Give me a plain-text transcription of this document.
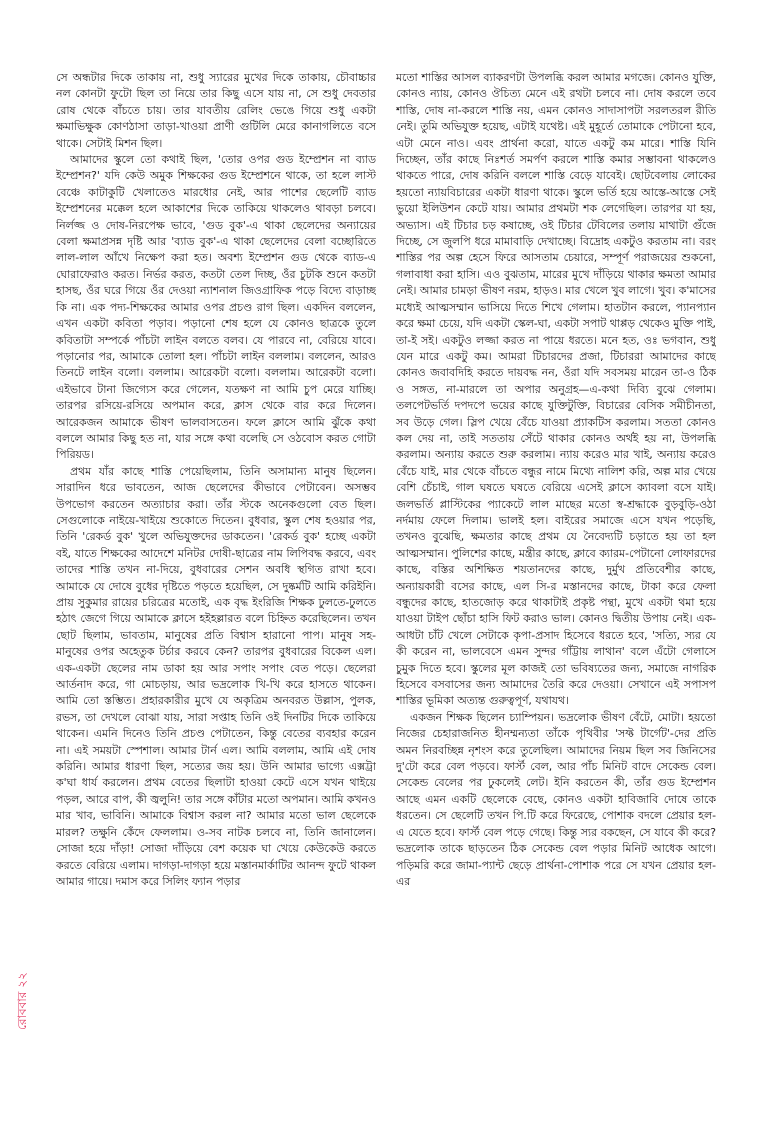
সে অন্ধটার দিকে তাকায় না, শুধু স্যারের মুখের দিকে তাকায়, চৌবাচ্চার নল কোনটা ফুটো ছিল তা নিয়ে তার কিছু এসে যায় না, সে শুধু দেবতার রোষ থেকে বাঁচতে চায়। তার যাবতীয় রেলিং ভেঙে গিয়ে শুধু একটা ক্ষমাভিক্ষুক কোণঠাসা তাড়া-খাওয়া প্রাণী গুটিলি মেরে কানাগলিতে বসে থাকে। সেটাই মিশন ছিল।

আমাদের স্কুলে তো কথাই ছিল, 'তোর ওপর গুড ইম্প্রেশন না ব্যাড ইম্প্রেশন?' যদি কেউ অমুক শিক্ষকের গুড ইম্প্রেশনে থাকে, তা হলে লাস্ট বেঞ্চে কাটাকুটি খেলাতেও মারধোর নেই, আর পাশের ছেলেটি ব্যাড ইম্প্রেশনের মক্কেল হলে আকাশের দিকে তাকিয়ে থাকলেও থাবড়া চলবে। নির্লজ্জ ও দোষ-নিরপেক্ষ ভাবে, 'গুড বুক'-এ থাকা ছেলেদের অন্যায়ের বেলা ক্ষমাপ্রসন্ন দৃষ্টি আর 'ব্যাড বুক'-এ থাকা ছেলেদের বেলা বচ্ছোরিতে লাল-লাল আঁখে নিক্ষেপ করা হত। অবশ্য ইম্প্রেশন গুড থেকে ব্যাড-এ ঘোরাফেরাও করত। নির্ভর করত, কতটা তেল দিচ্ছ, ওঁর চুটকি শুনে কতটা হাসছ, ওঁর ঘরে গিয়ে ওঁর দেওয়া ন্যাশনাল জিওগ্রাফিক পড়ে বিদ্যে বাড়াচ্ছ কি না। এক পদ্য-শিক্ষকের আমার ওপর প্রচণ্ড রাগ ছিল। একদিন বললেন, এখন একটা কবিতা পড়াব। পড়ানো শেষ হলে যে কোনও ছাত্রকে তুলে কবিতাটা সম্পর্কে পাঁচটা লাইন বলতে বলব। যে পারবে না, বেরিয়ে যাবে। পড়ানোর পর, আমাকে তোলা হল। পাঁচটা লাইন বললাম। বললেন, আরও তিনটে লাইন বলো। বললাম। আরেকটা বলো। বললাম। আরেকটা বলো। এইভাবে টানা জিগ্যেস করে গেলেন, যতক্ষণ না আমি চুপ মেরে যাচ্ছি। তারপর রসিয়ে-রসিয়ে অপমান করে, ক্লাস থেকে বার করে দিলেন। আরেকজন আমাকে ভীষণ ভালবাসতেন। ফলে ক্লাসে আমি ঝুঁকে কথা বললে আমার কিছু হত না, যার সঙ্গে কথা বলেছি সে ওঠবোস করত গোটা পিরিয়ড।

প্রথম যাঁর কাছে শাস্তি পেয়েছিলাম, তিনি অসামান্য মানুষ ছিলেন। সারাদিন ধরে ভাবতেন, আজ ছেলেদের কীভাবে পেটাবেন। অসম্ভব উপভোগ করতেন অত্যাচার করা। তাঁর স্টকে অনেকগুলো বেত ছিল। সেগুলোকে নাইয়ে-খাইয়ে শুকোতে দিতেন। বুধবার, স্কুল শেষ হওয়ার পর, তিনি 'রেকর্ড বুক' খুলে অভিযুক্তদের ডাকতেন। 'রেকর্ড বুক' হচ্ছে একটা বই, যাতে শিক্ষকের আদেশে মনিটর দোষী-ছাত্রের নাম লিপিবদ্ধ করবে, এবং তাদের শাস্তি তখন না-দিয়ে, বুধবারের সেশন অবধি স্থগিত রাখা হবে। আমাকে যে দোষে বুধের দৃষ্টিতে পড়তে হয়েছিল, সে দুষ্কর্মটি আমি করিইনি। প্রায় সুকুমার রায়ের চরিত্রের মতোই, এক বৃদ্ধ ইংরিজি শিক্ষক ঢুলতে-ঢুলতে হঠাৎ জেগে গিয়ে আমাকে ক্লাসে হইহল্লারত বলে চিহ্নিত করেছিলেন। তখন ছোট ছিলাম, ভাবতাম, মানুষের প্রতি বিশ্বাস হারানো পাপ। মানুষ সহ-মানুষের ওপর অহেতুক টর্চার করবে কেন? তারপর বুধবারের বিকেল এল। এক-একটা ছেলের নাম ডাকা হয় আর সপাং সপাং বেত পড়ে। ছেলেরা আর্তনাদ করে, গা মোচড়ায়, আর ভদ্রলোক খি-খি করে হাসতে থাকেন। আমি তো স্তম্ভিত। প্রহারকারীর মুখে যে অকৃত্রিম অনবরত উল্লাস, পুলক, রভস, তা দেখলে বোঝা যায়, সারা সপ্তাহ তিনি ওই দিনটির দিকে তাকিয়ে থাকেন। এমনি দিনেও তিনি প্রচণ্ড পেটাতেন, কিন্তু বেতের ব্যবহার করেন না। এই সময়টা স্পেশাল। আমার টার্ন এল। আমি বললাম, আমি এই দোষ করিনি। আমার ধারণা ছিল, সত্যের জয় হয়। উনি আমার ভাগ্যে এক্সট্রা ক'ঘা ধার্য করলেন। প্রথম বেতের ছিলাটা হাওয়া কেটে এসে যখন থাইয়ে পড়ল, আরে বাপ, কী জ্বলুনি! তার সঙ্গে কাঁটার মতো অপমান। আমি কখনও মার খাব, ভাবিনি। আমাকে বিশ্বাস করল না? আমার মতো ভাল ছেলেকে মারল? তক্ষুনি কেঁদে ফেললাম। ও-সব নাটক চলবে না, তিনি জানালেন। সোজা হয়ে দাঁড়া! সোজা দাঁড়িয়ে বেশ কয়েক ঘা খেয়ে কেউকেউ করতে করতে বেরিয়ে এলাম। দাগড়া-দাগড়া হয়ে মস্তানমার্কাটির আনন্দ ফুটে থাকল আমার গায়ে। দমাস করে সিলিং ফ্যান পড়ার

মতো শাস্তির আসল ব্যাকরণটা উপলব্ধি করল আমার মগজে। কোনও যুক্তি, কোনও ন্যায়, কোনও ঔচিত্য মেনে এই রথটা চলবে না। দোষ করলে তবে শাস্তি, দোষ না-করলে শাস্তি নয়, এমন কোনও সাদাসাপটা সরলতরল রীতি নেই। তুমি অভিযুক্ত হয়েছ, এটাই যথেষ্ট। এই মুহূর্তে তোমাকে পেটানো হবে, এটা মেনে নাও। এবং প্রার্থনা করো, যাতে একটু কম মারে। শাস্তি যিনি দিচ্ছেন, তাঁর কাছে নিঃশর্ত সমর্পণ করলে শাস্তি কমার সম্ভাবনা থাকলেও থাকতে পারে, দোষ করিনি বললে শাস্তি বেড়ে যাবেই। ছোটবেলায় লোকের হয়তো ন্যায়বিচারের একটা ধারণা থাকে। স্কুলে ভর্তি হয়ে আস্তে-আস্তে সেই ভুয়ো ইলিউশন কেটে যায়। আমার প্রথমটা শক লেগেছিল। তারপর যা হয়, অভ্যাস। এই টিচার চড় কষাচ্ছে, ওই টিচার টেবিলের তলায় মাথাটা গুঁজে দিচ্ছে, সে জুলপি ধরে মামাবাড়ি দেখাচ্ছে। বিদ্রোহ একটুও করতাম না। বরং শাস্তির পর অল্প হেসে ফিরে আসতাম চেয়ারে, সম্পূর্ণ পরাজয়ের শুকনো, গলাবাধা করা হাসি। এও বুঝতাম, মারের মুখে দাঁড়িয়ে থাকার ক্ষমতা আমার নেই। আমার চামড়া ভীষণ নরম, হাড়ও। মার খেলে খুব লাগে। খুব। ক'মাসের মধ্যেই আত্মসম্মান ভাসিয়ে দিতে শিখে গেলাম। হাতটান করলে, প্যানপ্যান করে ক্ষমা চেয়ে, যদি একটা স্কেল-ঘা, একটা সপাট থাপ্পড় থেকেও মুক্তি পাই, তা-ই সই। একটুও লজ্জা করত না পায়ে ধরতে। মনে হত, ওঃ ভগবান, শুধু যেন মারে একটু কম। আমরা টিচারদের প্রজা, টিচাররা আমাদের কাছে কোনও জবাবদিহি করতে দায়বদ্ধ নন, ওঁরা যদি সবসময় মারেন তা-ও ঠিক ও সঙ্গত, না-মারলে তা অপার অনুগ্রহ—এ-কথা দিব্যি বুঝে গেলাম। তলপেটভর্তি দপদপে ভয়ের কাছে যুক্তিটুক্তি, বিচারের বেসিক সমীচীনতা, সব উড়ে গেল। স্লিপ খেয়ে বেঁচে যাওয়া প্র্যাকটিস করলাম। সততা কোনও কল দেয় না, তাই সততায় সেঁটে থাকার কোনও অর্থই হয় না, উপলব্ধি করলাম। অন্যায় করতে শুরু করলাম। ন্যায় করেও মার খাই, অন্যায় করেও বেঁচে যাই, মার থেকে বাঁচতে বন্ধুর নামে মিথ্যে নালিশ করি, অল্প মার খেয়ে বেশি চেঁচাই, গাল ঘষতে ঘষতে বেরিয়ে এসেই ক্লাসে ক্যাবলা বসে যাই। জলভর্তি প্লাস্টিকের প্যাকেটে লাল মাছের মতো স্ব-শ্রদ্ধাকে বুড়বুড়ি-ওঠা নর্দমায় ফেলে দিলাম। ভালই হল। বাইরের সমাজে এসে যখন পড়েছি, তখনও বুঝেছি, ক্ষমতার কাছে প্রথম যে নৈবেদ্যটি চড়াতে হয় তা হল আত্মসম্মান। পুলিশের কাছে, মন্ত্রীর কাছে, ক্লাবে ক্যারম-পেটানো লোফারদের কাছে, বস্তির অশিক্ষিত শয়তানদের কাছে, দুর্মুখ প্রতিবেশীর কাছে, অন্যায়কারী বসের কাছে, এল সি-র মস্তানদের কাছে, টাকা করে ফেলা বন্ধুদের কাছে, হাতজোড় করে থাকাটাই প্রকৃষ্ট পন্থা, মুখে একটা থমা হয়ে যাওয়া টাইপ ছোঁচা হাসি ফিট করাও ভাল। কোনও দ্বিতীয় উপায় নেই। এক-আধটা চাঁট খেলে সেটাকে কৃপা-প্রসাদ হিসেবে ধরতে হবে, 'সত্যি, স্যর যে কী করেন না, ভালবেসে এমন সুন্দর গাঁট্টায় লাথান' বলে এঁটো গেলাসে চুমুক দিতে হবে। স্কুলের মূল কাজই তো ভবিষ্যতের জন্য, সমাজে নাগরিক হিসেবে বসবাসের জন্য আমাদের তৈরি করে দেওয়া। সেখানে এই সপাসপ শাস্তির ভূমিকা অত্যন্ত গুরুত্বপূর্ণ, যথাযথ।

একজন শিক্ষক ছিলেন চ্যাম্পিয়ন। ভদ্রলোক ভীষণ বেঁটে, মোটা। হয়তো নিজের চেহারাজনিত হীনম্মন্যতা তাঁকে পৃথিবীর 'সফ্ট টার্গেট'-দের প্রতি অমন নিরবচ্ছিন্ন নৃশংস করে তুলেছিল। আমাদের নিয়ম ছিল সব জিনিসের দু'টো করে বেল পড়বে। ফার্স্ট বেল, আর পাঁচ মিনিট বাদে সেকেন্ড বেল। সেকেন্ড বেলের পর ঢুকলেই লেট। ইনি করতেন কী, তাঁর গুড ইম্প্রেশন আছে এমন একটি ছেলেকে বেছে, কোনও একটা হাবিজাবি দোষে তাকে ধরতেন। সে ছেলেটি তখন পি.টি করে ফিরেছে, পোশাক বদলে প্রেয়ার হল-এ যেতে হবে। ফার্স্ট বেল পড়ে গেছে। কিন্তু স্যর বকছেন, সে যাবে কী করে? ভদ্রলোক তাকে ছাড়তেন ঠিক সেকেন্ড বেল পড়ার মিনিট আধেক আগে। পড়িমরি করে জামা-প্যান্ট ছেড়ে প্রার্থনা-পোশাক পরে সে যখন প্রেয়ার হল-এর

রোববার ২২
